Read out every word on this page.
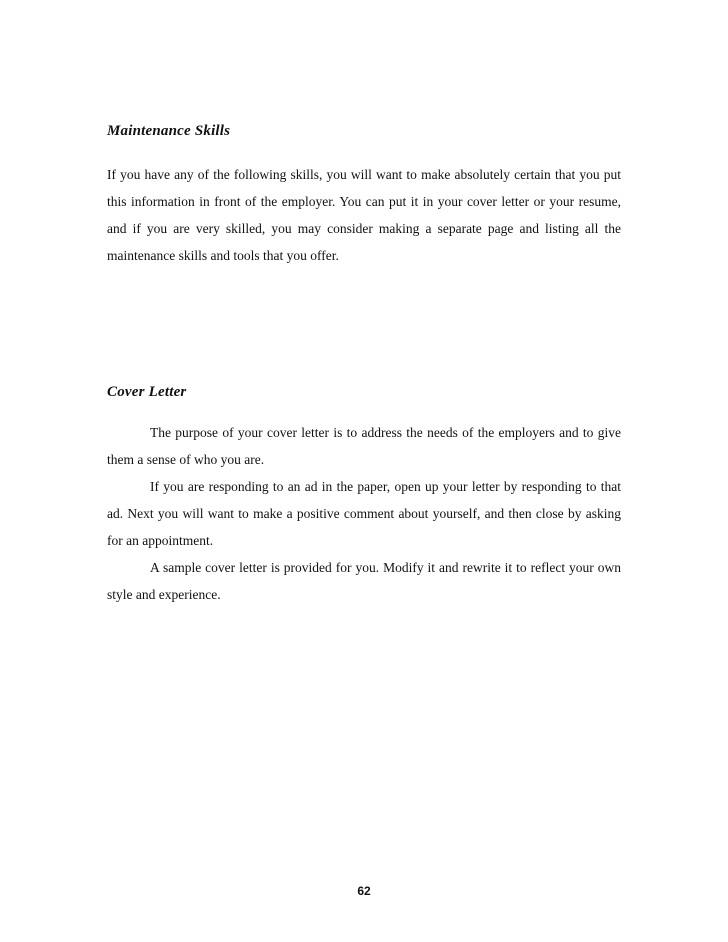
Maintenance Skills

If you have any of the following skills, you will want to make absolutely certain that you put this information in front of the employer. You can put it in your cover letter or your resume, and if you are very skilled, you may consider making a separate page and listing all the maintenance skills and tools that you offer.

Cover Letter

The purpose of your cover letter is to address the needs of the employers and to give them a sense of who you are.

If you are responding to an ad in the paper, open up your letter by responding to that ad. Next you will want to make a positive comment about yourself, and then close by asking for an appointment.

A sample cover letter is provided for you. Modify it and rewrite it to reflect your own style and experience.

62
